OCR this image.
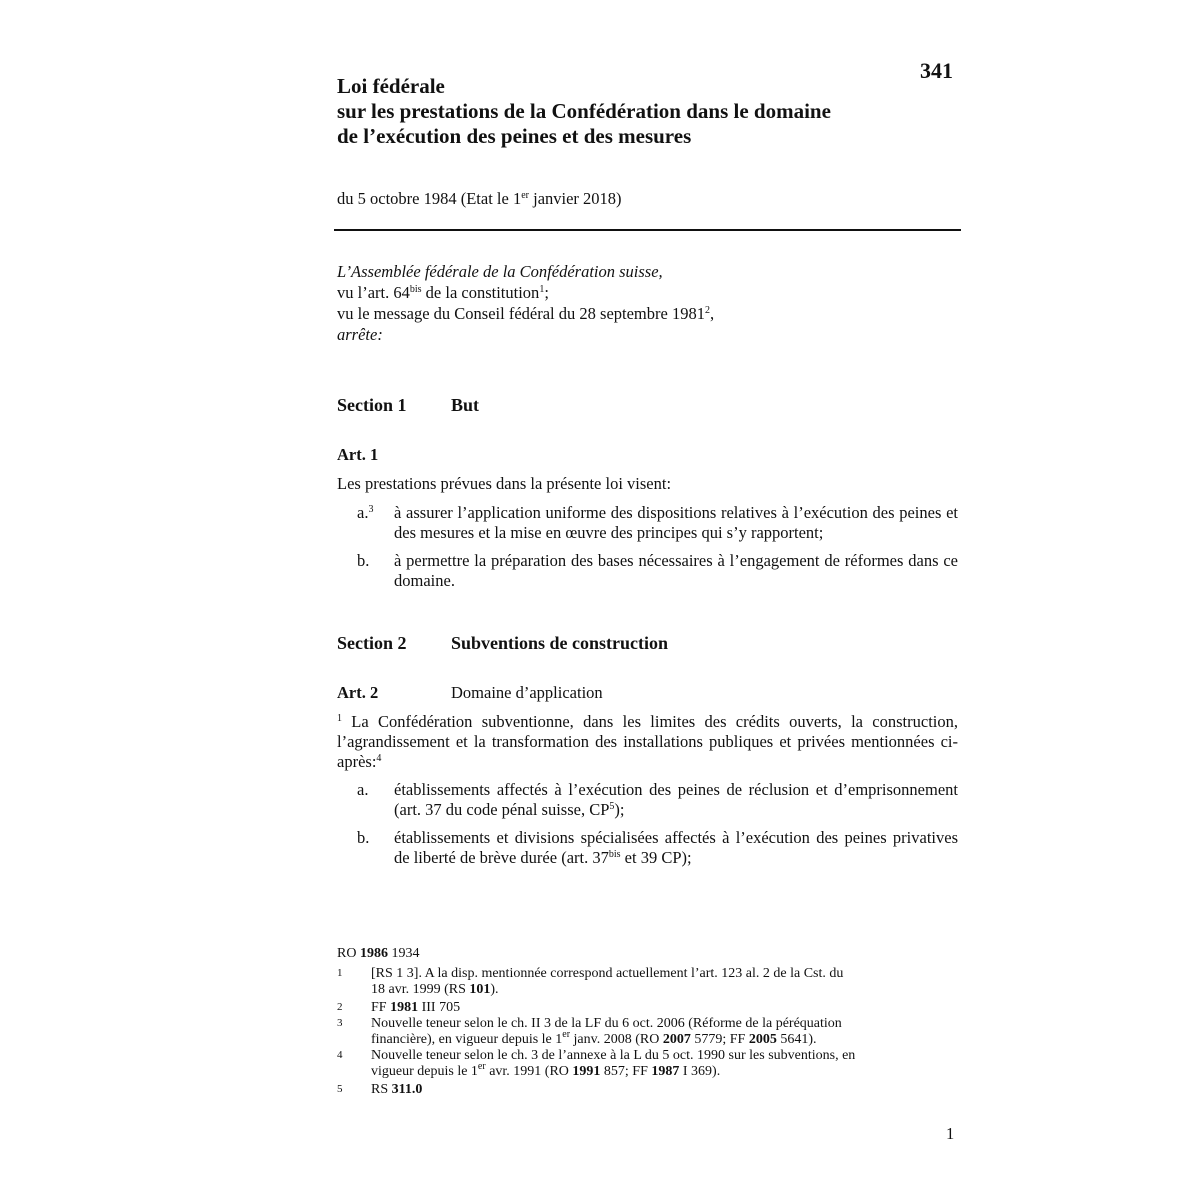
341
Loi fédérale
sur les prestations de la Confédération dans le domaine
de l’exécution des peines et des mesures
du 5 octobre 1984 (Etat le 1er janvier 2018)
L’Assemblée fédérale de la Confédération suisse,
vu l’art. $64^{bis}$ de la constitution$^1$;
vu le message du Conseil fédéral du 28 septembre 1981$^2$,
arrête:
Section 1 But
Art. 1
Les prestations prévues dans la présente loi visent:
a.$^3$ à assurer l’application uniforme des dispositions relatives à l’exécution des peines et des mesures et la mise en œuvre des principes qui s’y rapportent;
b. à permettre la préparation des bases nécessaires à l’engagement de réformes dans ce domaine.
Section 2 Subventions de construction
Art. 2	Domaine d’application
$^1$ La Confédération subventionne, dans les limites des crédits ouverts, la construction, l’agrandissement et la transformation des installations publiques et privées mentionnées ci-après:$^4$
a. établissements affectés à l’exécution des peines de réclusion et d’emprisonnement (art. 37 du code pénal suisse, $CP^5$);
b. établissements et divisions spécialisées affectés à l’exécution des peines privatives de liberté de brève durée (art. $37^{bis}$ et 39 CP);
RO 1986 1934
1 [RS 1 3]. A la disp. mentionnée correspond actuellement l’art. 123 al. 2 de la Cst. du
18 avr. 1999 (RS 101).
2 FF 1981 III 705
3 Nouvelle teneur selon le ch. II 3 de la LF du 6 oct. 2006 (Réforme de la péréquation
financière), en vigueur depuis le 1er janv. 2008 (RO 2007 5779; FF 2005 5641).
4 Nouvelle teneur selon le ch. 3 de l’annexe à la L du 5 oct. 1990 sur les subventions, en
vigueur depuis le 1er avr. 1991 (RO 1991 857; FF 1987 I 369).
5 RS 311.0
1
